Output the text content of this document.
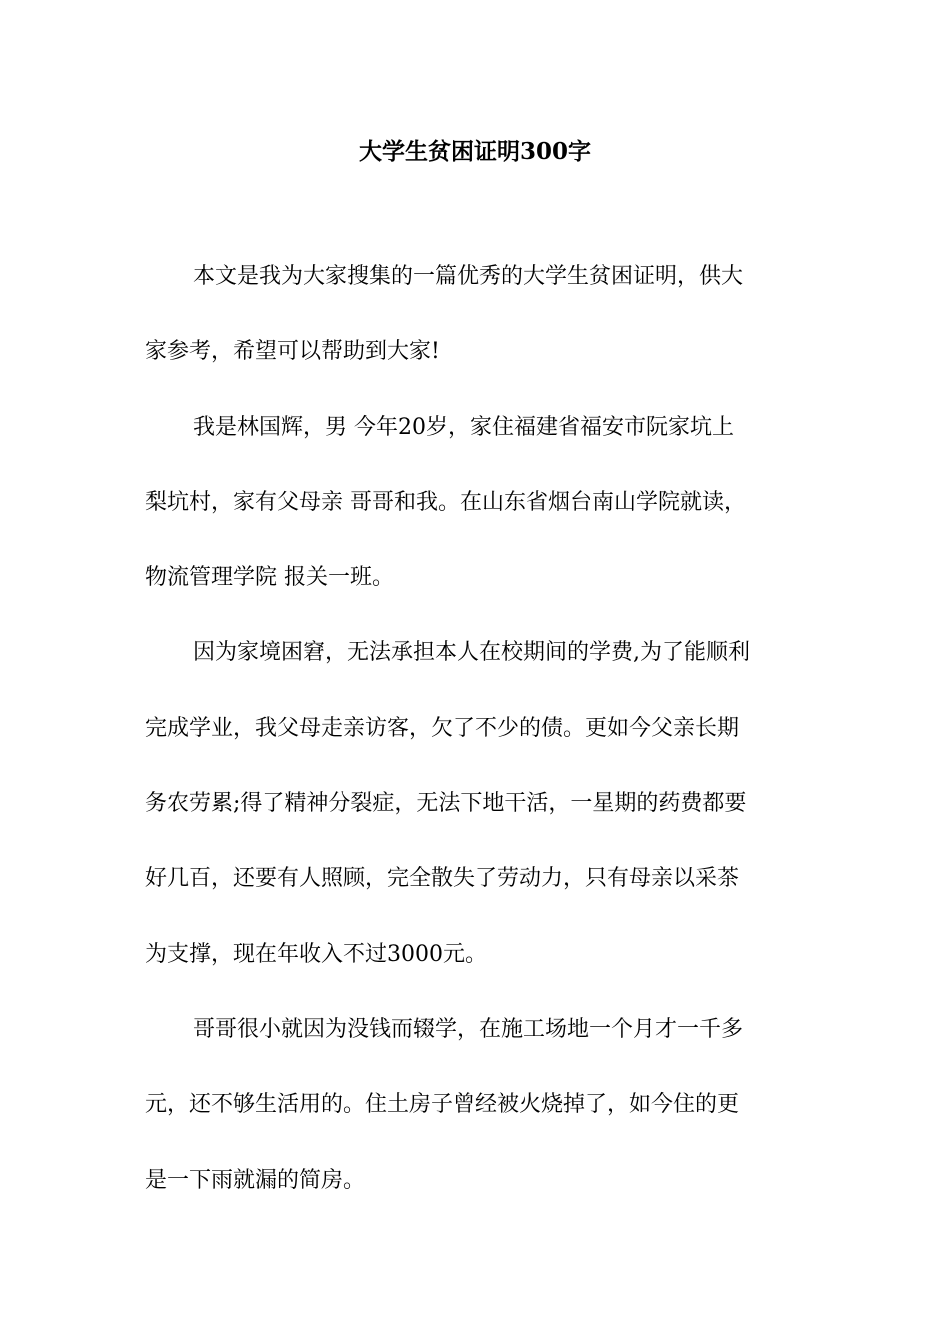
大学生贫困证明300字

本文是我为大家搜集的一篇优秀的大学生贫困证明，供大
家参考，希望可以帮助到大家!

我是林国辉，男 今年20岁，家住福建省福安市阮家坑上
梨坑村，家有父母亲 哥哥和我。在山东省烟台南山学院就读，
物流管理学院 报关一班。

因为家境困窘，无法承担本人在校期间的学费,为了能顺利
完成学业，我父母走亲访客，欠了不少的债。更如今父亲长期
务农劳累;得了精神分裂症，无法下地干活，一星期的药费都要
好几百，还要有人照顾，完全散失了劳动力，只有母亲以采茶
为支撑，现在年收入不过3000元。

哥哥很小就因为没钱而辍学，在施工场地一个月才一千多
元，还不够生活用的。住土房子曾经被火烧掉了，如今住的更
是一下雨就漏的简房。
